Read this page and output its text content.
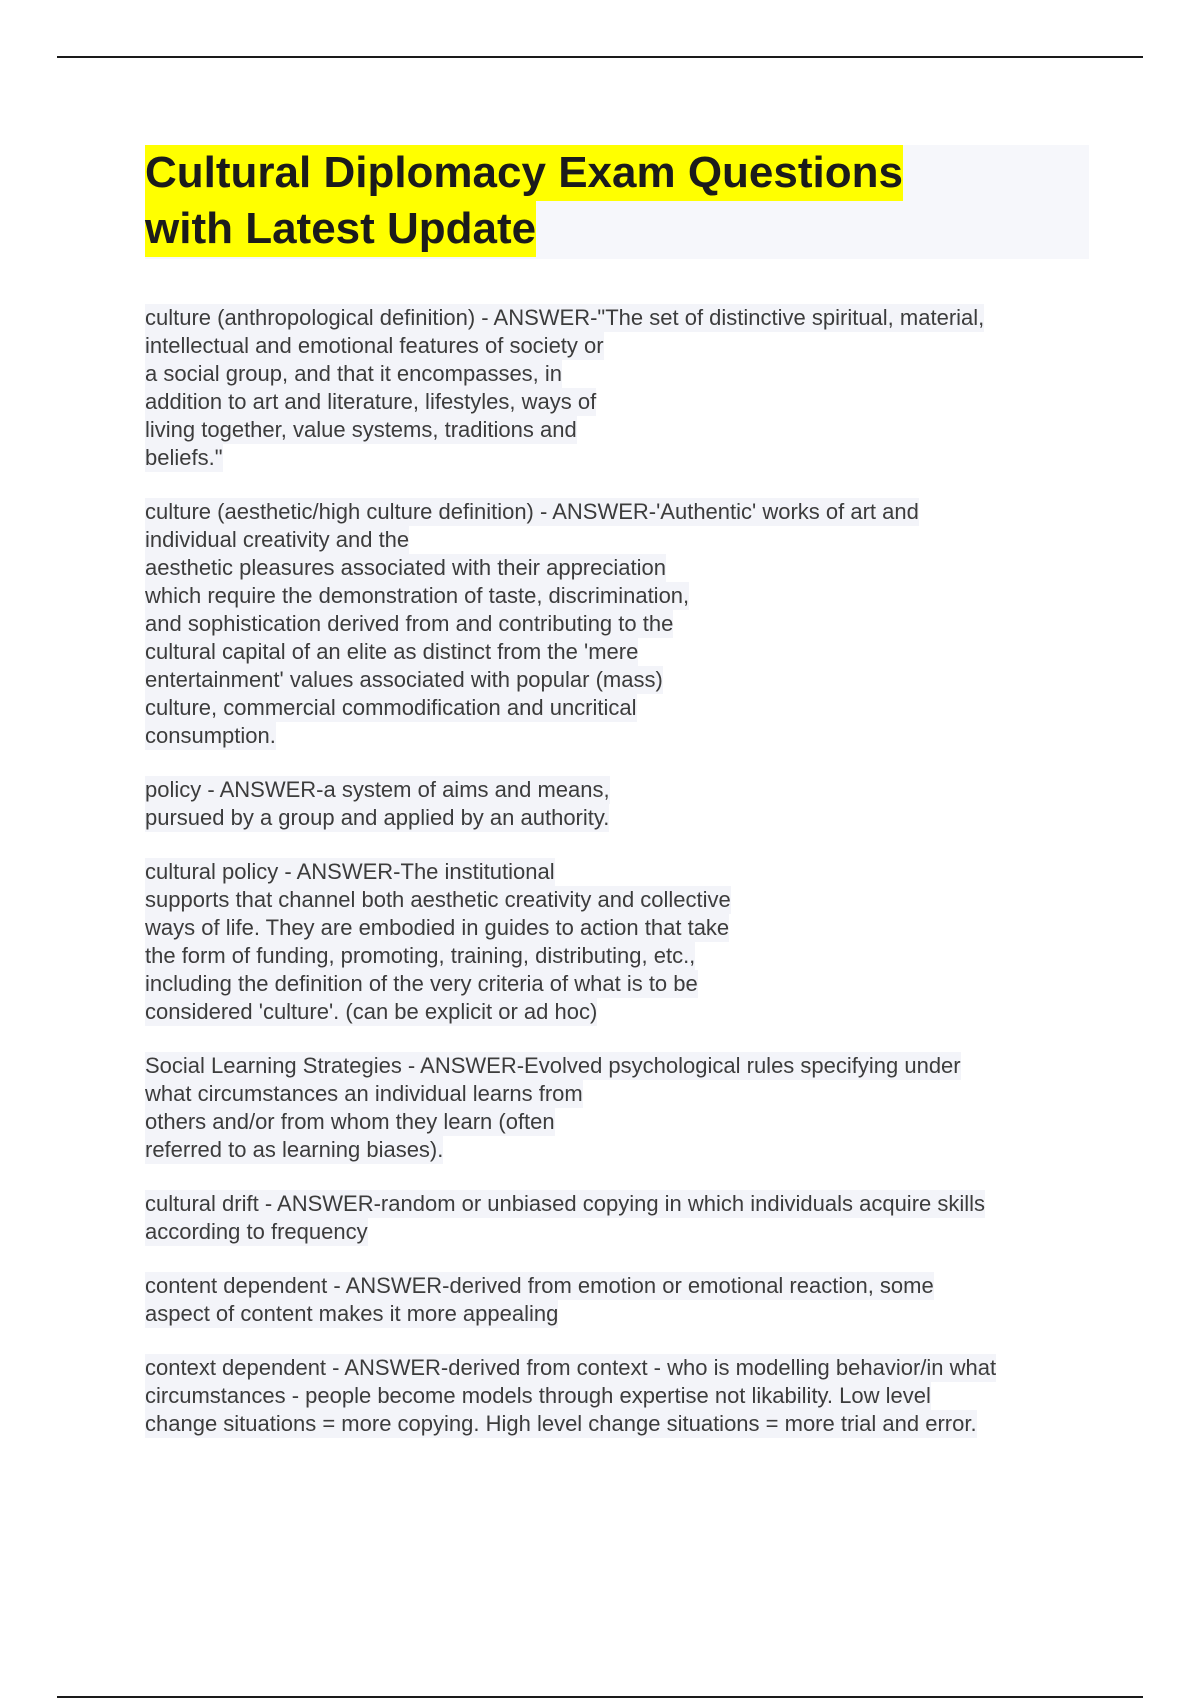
Cultural Diplomacy Exam Questions
with Latest Update
culture (anthropological definition) - ANSWER-"The set of distinctive spiritual, material,
intellectual and emotional features of society or
a social group, and that it encompasses, in
addition to art and literature, lifestyles, ways of
living together, value systems, traditions and
beliefs."
culture (aesthetic/high culture definition) - ANSWER-'Authentic' works of art and
individual creativity and the
aesthetic pleasures associated with their appreciation
which require the demonstration of taste, discrimination,
and sophistication derived from and contributing to the
cultural capital of an elite as distinct from the 'mere
entertainment' values associated with popular (mass)
culture, commercial commodification and uncritical
consumption.
policy - ANSWER-a system of aims and means,
pursued by a group and applied by an authority.
cultural policy - ANSWER-The institutional
supports that channel both aesthetic creativity and collective
ways of life. They are embodied in guides to action that take
the form of funding, promoting, training, distributing, etc.,
including the definition of the very criteria of what is to be
considered 'culture'. (can be explicit or ad hoc)
Social Learning Strategies - ANSWER-Evolved psychological rules specifying under
what circumstances an individual learns from
others and/or from whom they learn (often
referred to as learning biases).
cultural drift - ANSWER-random or unbiased copying in which individuals acquire skills
according to frequency
content dependent - ANSWER-derived from emotion or emotional reaction, some
aspect of content makes it more appealing
context dependent - ANSWER-derived from context - who is modelling behavior/in what
circumstances - people become models through expertise not likability. Low level
change situations = more copying. High level change situations = more trial and error.
